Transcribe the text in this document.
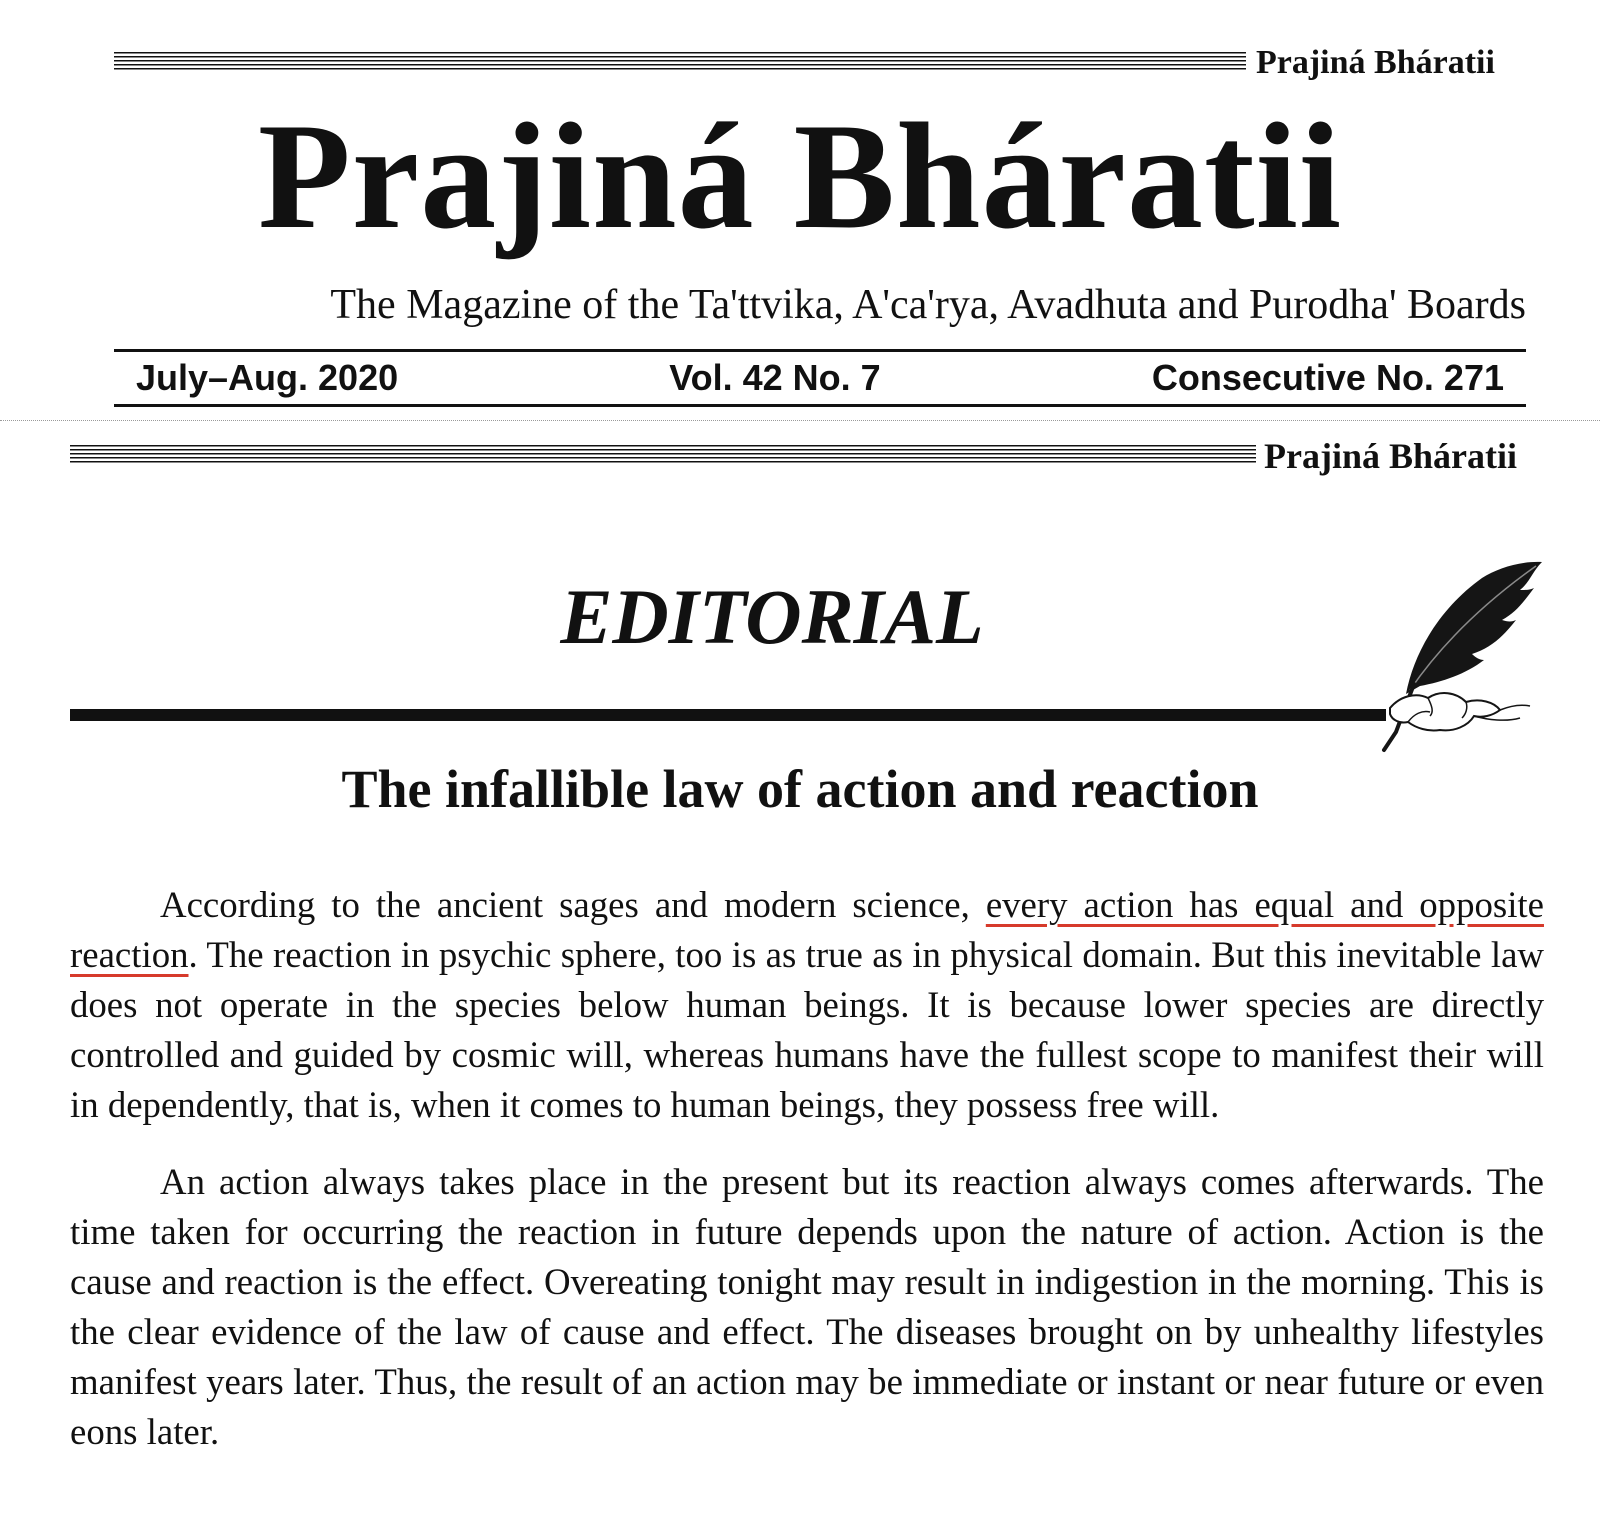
Prajiná Bháratii
Prajiná Bháratii
The Magazine of the Ta'ttvika, A'ca'rya, Avadhuta and Purodha' Boards
July–Aug. 2020	Vol. 42 No. 7	Consecutive No. 271
Prajiná Bháratii
EDITORIAL
The infallible law of action and reaction

According to the ancient sages and modern science, every action has equal and opposite reaction. The reaction in psychic sphere, too is as true as in physical domain. But this inevitable law does not operate in the species below human beings. It is because lower species are directly controlled and guided by cosmic will, whereas humans have the fullest scope to manifest their will in dependently, that is, when it comes to human beings, they possess free will.

An action always takes place in the present but its reaction always comes afterwards. The time taken for occurring the reaction in future depends upon the nature of action. Action is the cause and reaction is the effect. Overeating tonight may result in indigestion in the morning. This is the clear evidence of the law of cause and effect. The diseases brought on by unhealthy lifestyles manifest years later. Thus, the result of an action may be immediate or instant or near future or even eons later.
